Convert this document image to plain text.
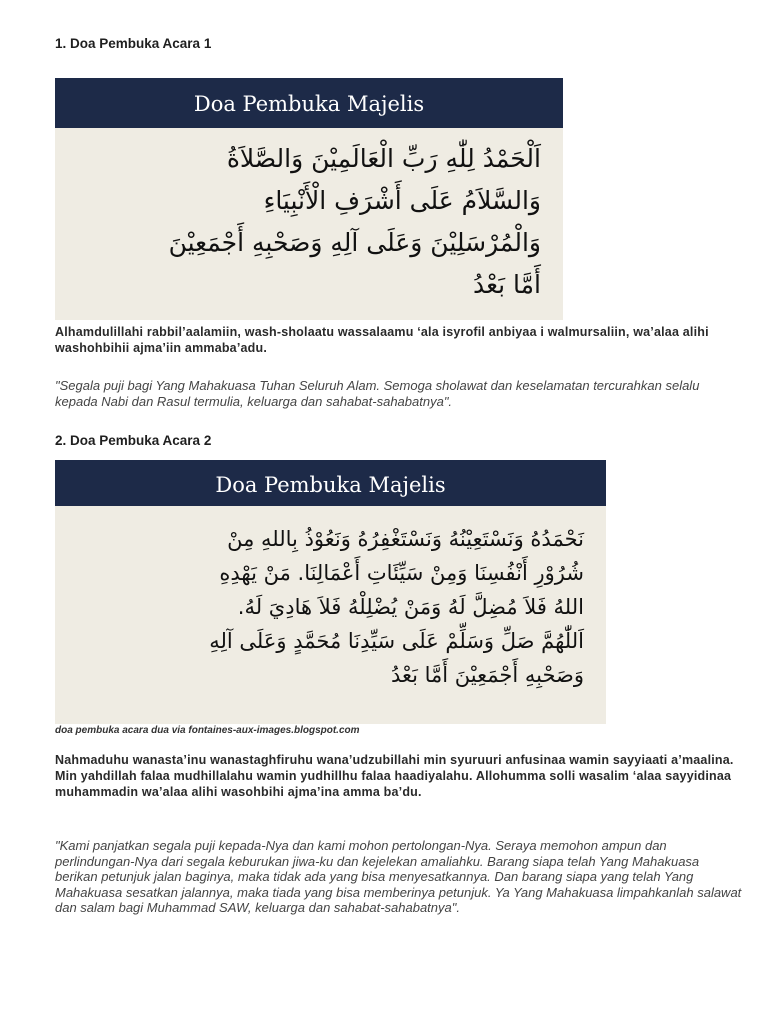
1. Doa Pembuka Acara 1
Doa Pembuka Majelis
اَلْحَمْدُ لِلّٰهِ رَبِّ الْعَالَمِيْنَ وَالصَّلاَةُ
وَالسَّلاَمُ عَلَى أَشْرَفِ الْأَنْبِيَاءِ
وَالْمُرْسَلِيْنَ وَعَلَى آلِهِ وَصَحْبِهِ أَجْمَعِيْنَ
أَمَّا بَعْدُ

Alhamdulillahi rabbil’aalamiin, wash-sholaatu wassalaamu ‘ala isyrofil anbiyaa i walmursaliin, wa’alaa alihi washohbihii ajma’iin ammaba’adu.

"Segala puji bagi Yang Mahakuasa Tuhan Seluruh Alam. Semoga sholawat dan keselamatan tercurahkan selalu kepada Nabi dan Rasul termulia, keluarga dan sahabat-sahabatnya".

2. Doa Pembuka Acara 2
Doa Pembuka Majelis
نَحْمَدُهُ وَنَسْتَعِيْنُهُ وَنَسْتَغْفِرُهُ وَنَعُوْذُ بِاللهِ مِنْ
شُرُوْرِ أَنْفُسِنَا وَمِنْ سَيِّئَاتِ أَعْمَالِنَا. مَنْ يَهْدِهِ
اللهُ فَلاَ مُضِلَّ لَهُ وَمَنْ يُضْلِلْهُ فَلاَ هَادِيَ لَهُ.
اَللّٰهُمَّ صَلِّ وَسَلِّمْ عَلَى سَيِّدِنَا مُحَمَّدٍ وَعَلَى آلِهِ
وَصَحْبِهِ أَجْمَعِيْنَ أَمَّا بَعْدُ

doa pembuka acara dua via fontaines-aux-images.blogspot.com

Nahmaduhu wanasta’inu wanastaghfiruhu wana’udzubillahi min syuruuri anfusinaa wamin sayyiaati a’maalina. Min yahdillah falaa mudhillalahu wamin yudhillhu falaa haadiyalahu. Allohumma solli wasalim ‘alaa sayyidinaa muhammadin wa’alaa alihi wasohbihi ajma’ina amma ba’du.

"Kami panjatkan segala puji kepada-Nya dan kami mohon pertolongan-Nya. Seraya memohon ampun dan perlindungan-Nya dari segala keburukan jiwa-ku dan kejelekan amaliahku. Barang siapa telah Yang Mahakuasa berikan petunjuk jalan baginya, maka tidak ada yang bisa menyesatkannya. Dan barang siapa yang telah Yang Mahakuasa sesatkan jalannya, maka tiada yang bisa memberinya petunjuk. Ya Yang Mahakuasa limpahkanlah salawat dan salam bagi Muhammad SAW, keluarga dan sahabat-sahabatnya".
